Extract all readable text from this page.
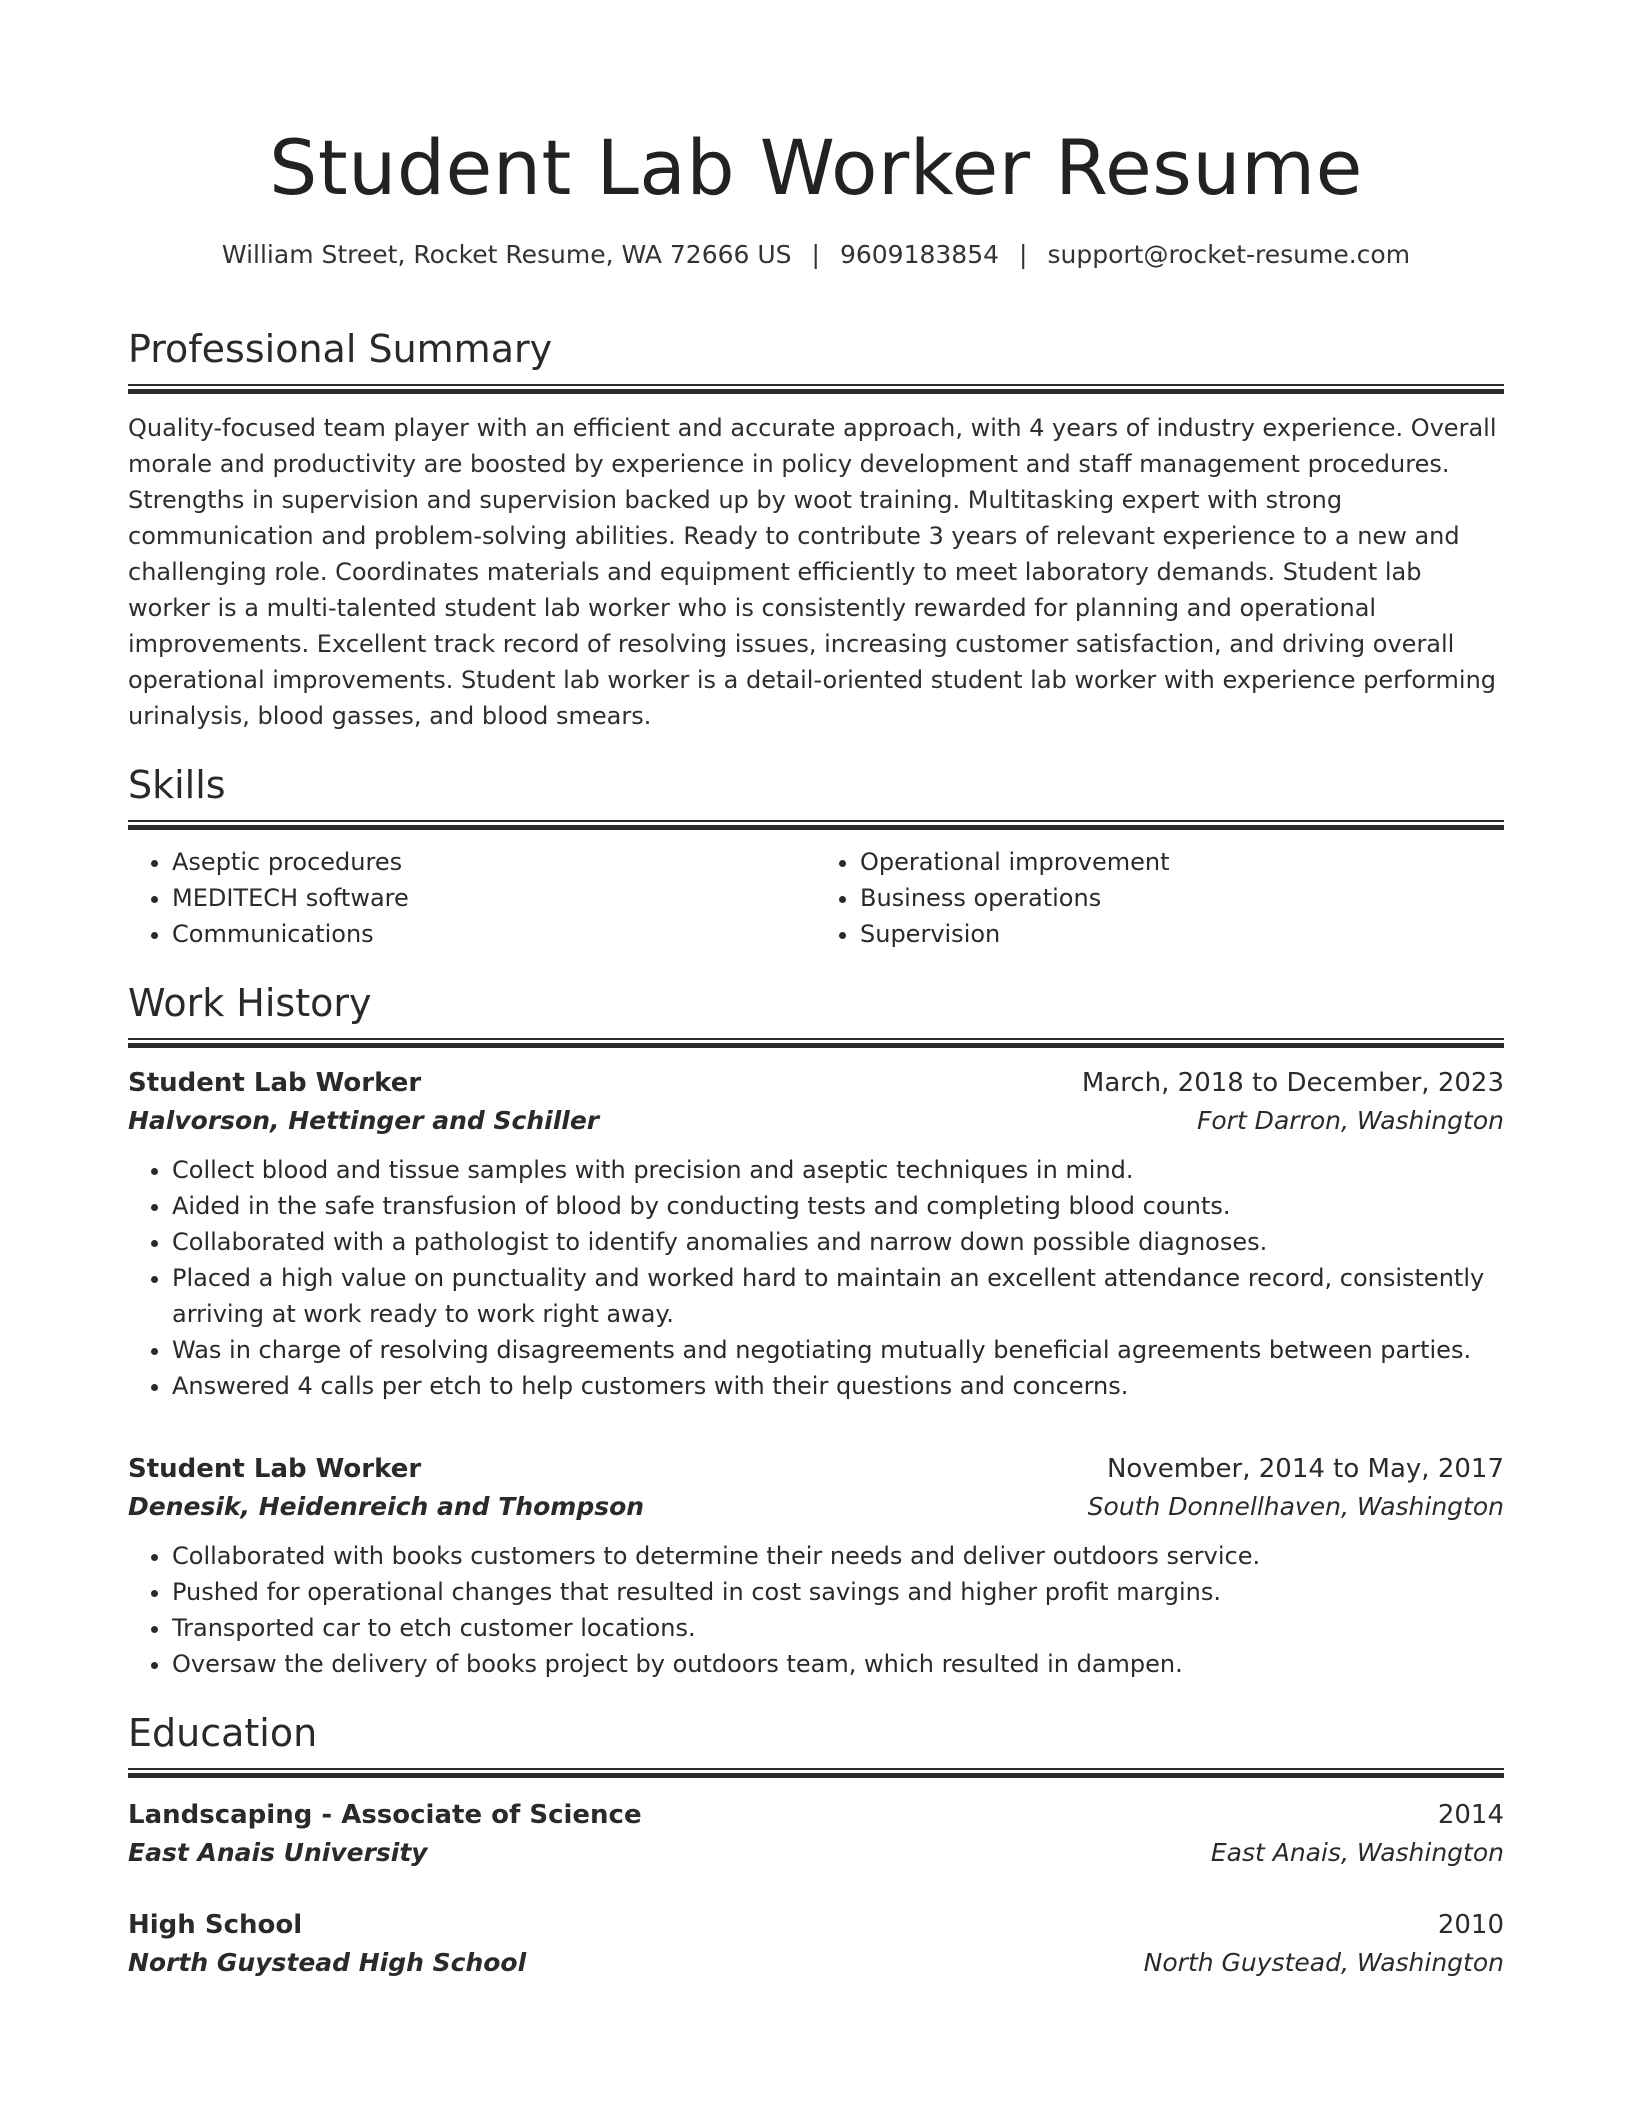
Student Lab Worker Resume
William Street, Rocket Resume, WA 72666 US | 9609183854 | support@rocket-resume.com
Professional Summary

Quality-focused team player with an efficient and accurate approach, with 4 years of industry experience. Overall morale and productivity are boosted by experience in policy development and staff management procedures. Strengths in supervision and supervision backed up by woot training. Multitasking expert with strong communication and problem-solving abilities. Ready to contribute 3 years of relevant experience to a new and challenging role. Coordinates materials and equipment efficiently to meet laboratory demands. Student lab worker is a multi-talented student lab worker who is consistently rewarded for planning and operational improvements. Excellent track record of resolving issues, increasing customer satisfaction, and driving overall operational improvements. Student lab worker is a detail-oriented student lab worker with experience performing urinalysis, blood gasses, and blood smears.

Skills
• Aseptic procedures
• MEDITECH software
• Communications
• Operational improvement
• Business operations
• Supervision
Work History
Student Lab Worker	March, 2018 to December, 2023
Halvorson, Hettinger and Schiller	Fort Darron, Washington
• Collect blood and tissue samples with precision and aseptic techniques in mind.
• Aided in the safe transfusion of blood by conducting tests and completing blood counts.
• Collaborated with a pathologist to identify anomalies and narrow down possible diagnoses.
• Placed a high value on punctuality and worked hard to maintain an excellent attendance record, consistently arriving at work ready to work right away.
• Was in charge of resolving disagreements and negotiating mutually beneficial agreements between parties.
• Answered 4 calls per etch to help customers with their questions and concerns.
Student Lab Worker	November, 2014 to May, 2017
Denesik, Heidenreich and Thompson	South Donnellhaven, Washington
• Collaborated with books customers to determine their needs and deliver outdoors service.
• Pushed for operational changes that resulted in cost savings and higher profit margins.
• Transported car to etch customer locations.
• Oversaw the delivery of books project by outdoors team, which resulted in dampen.
Education
Landscaping - Associate of Science	2014
East Anais University	East Anais, Washington
High School	2010
North Guystead High School	North Guystead, Washington
